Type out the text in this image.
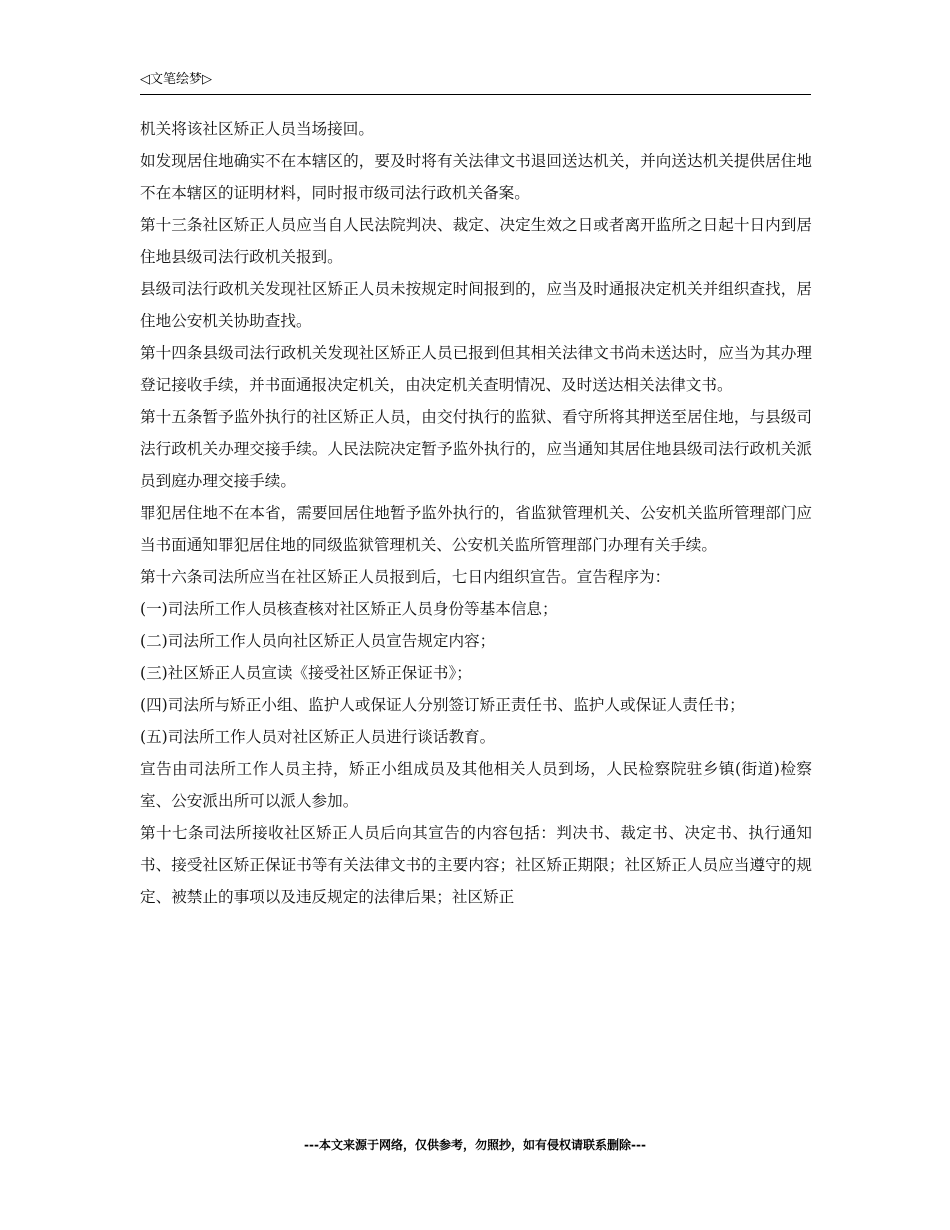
◁文笔绘梦▷

机关将该社区矫正人员当场接回。

如发现居住地确实不在本辖区的，要及时将有关法律文书退回送达机关，并向送达机关提供居住地不在本辖区的证明材料，同时报市级司法行政机关备案。

第十三条社区矫正人员应当自人民法院判决、裁定、决定生效之日或者离开监所之日起十日内到居住地县级司法行政机关报到。

县级司法行政机关发现社区矫正人员未按规定时间报到的，应当及时通报决定机关并组织查找，居住地公安机关协助查找。

第十四条县级司法行政机关发现社区矫正人员已报到但其相关法律文书尚未送达时，应当为其办理登记接收手续，并书面通报决定机关，由决定机关查明情况、及时送达相关法律文书。

第十五条暂予监外执行的社区矫正人员，由交付执行的监狱、看守所将其押送至居住地，与县级司法行政机关办理交接手续。人民法院决定暂予监外执行的，应当通知其居住地县级司法行政机关派员到庭办理交接手续。

罪犯居住地不在本省，需要回居住地暂予监外执行的，省监狱管理机关、公安机关监所管理部门应当书面通知罪犯居住地的同级监狱管理机关、公安机关监所管理部门办理有关手续。

第十六条司法所应当在社区矫正人员报到后，七日内组织宣告。宣告程序为：

(一)司法所工作人员核查核对社区矫正人员身份等基本信息；

(二)司法所工作人员向社区矫正人员宣告规定内容；

(三)社区矫正人员宣读《接受社区矫正保证书》；

(四)司法所与矫正小组、监护人或保证人分别签订矫正责任书、监护人或保证人责任书；

(五)司法所工作人员对社区矫正人员进行谈话教育。

宣告由司法所工作人员主持，矫正小组成员及其他相关人员到场，人民检察院驻乡镇(街道)检察室、公安派出所可以派人参加。

第十七条司法所接收社区矫正人员后向其宣告的内容包括：判决书、裁定书、决定书、执行通知书、接受社区矫正保证书等有关法律文书的主要内容；社区矫正期限；社区矫正人员应当遵守的规定、被禁止的事项以及违反规定的法律后果；社区矫正

---本文来源于网络，仅供参考，勿照抄，如有侵权请联系删除---
